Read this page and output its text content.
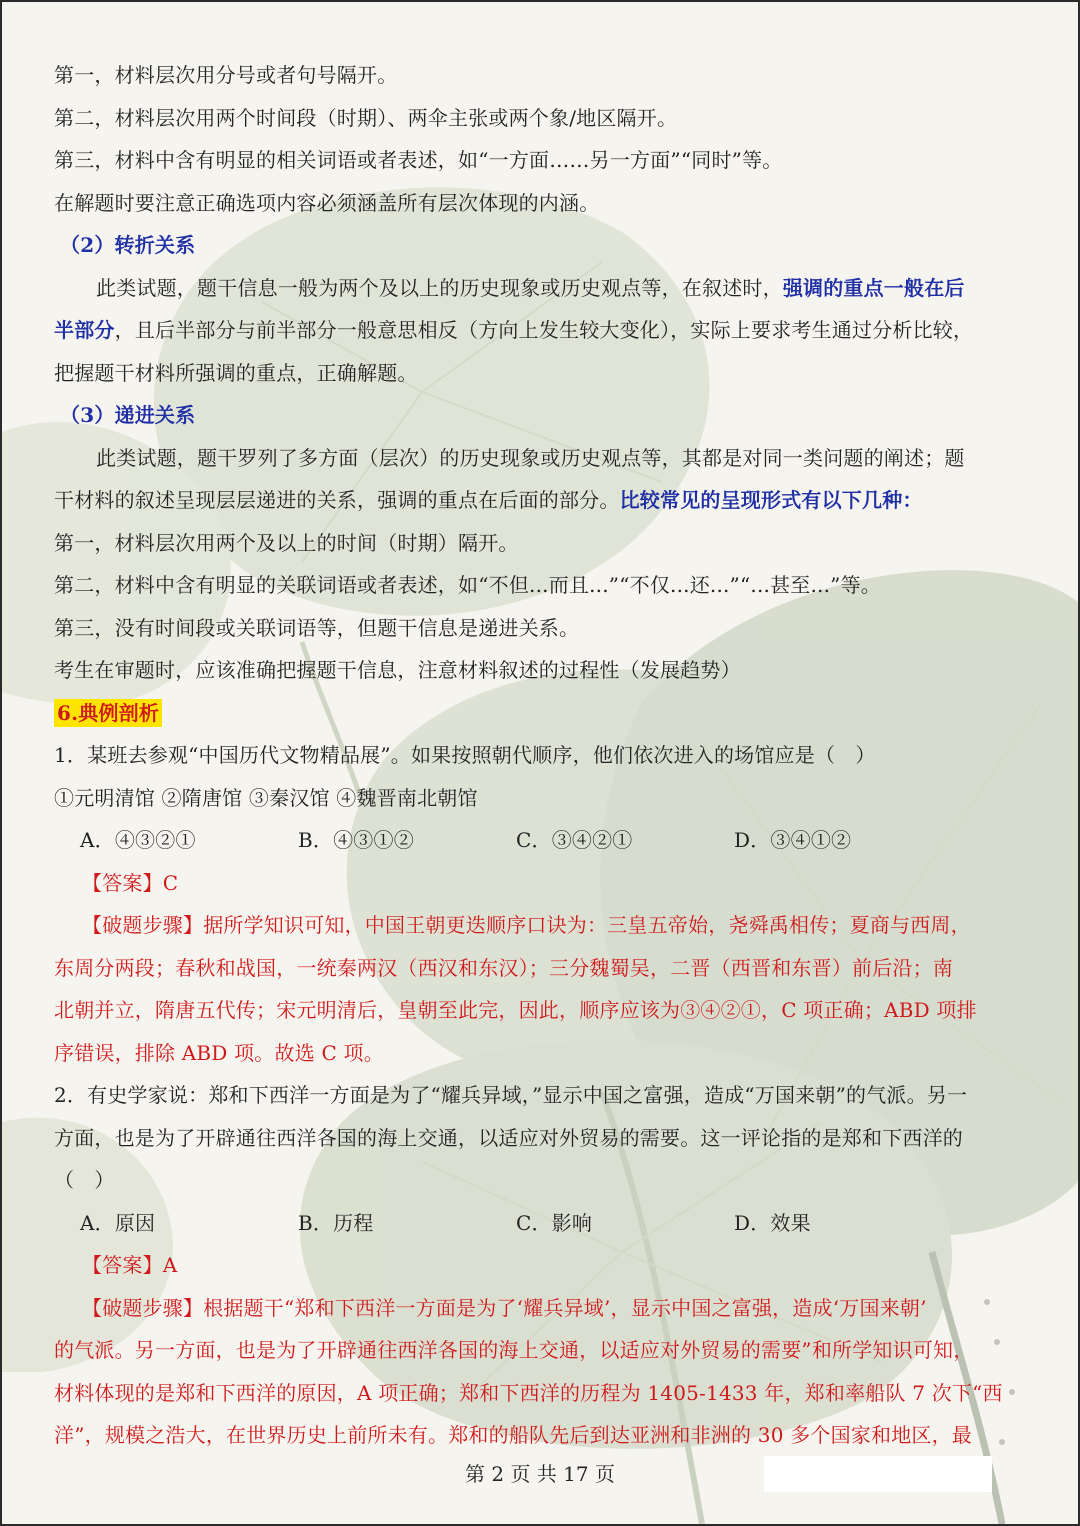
第一，材料层次用分号或者句号隔开。
第二，材料层次用两个时间段（时期）、两伞主张或两个象/地区隔开。
第三，材料中含有明显的相关词语或者表述，如“一方面……另一方面”“同时”等。
在解题时要注意正确选项内容必须涵盖所有层次体现的内涵。
（2）转折关系
此类试题，题干信息一般为两个及以上的历史现象或历史观点等，在叙述时，强调的重点一般在后
半部分，且后半部分与前半部分一般意思相反（方向上发生较大变化），实际上要求考生通过分析比较，
把握题干材料所强调的重点，正确解题。
（3）递进关系
此类试题，题干罗列了多方面（层次）的历史现象或历史观点等，其都是对同一类问题的阐述；题
干材料的叙述呈现层层递进的关系，强调的重点在后面的部分。比较常见的呈现形式有以下几种：
第一，材料层次用两个及以上的时间（时期）隔开。
第二，材料中含有明显的关联词语或者表述，如“不但...而且...”“不仅...还...”“...甚至...”等。
第三，没有时间段或关联词语等，但题干信息是递进关系。
考生在审题时，应该准确把握题干信息，注意材料叙述的过程性（发展趋势）
6.典例剖析
1．某班去参观“中国历代文物精品展”。如果按照朝代顺序，他们依次进入的场馆应是（　）
①元明清馆 ②隋唐馆 ③秦汉馆 ④魏晋南北朝馆
A．④③②①	B．④③①②	C．③④②①	D．③④①②
【答案】C
【破题步骤】据所学知识可知，中国王朝更迭顺序口诀为：三皇五帝始，尧舜禹相传；夏商与西周，
东周分两段；春秋和战国，一统秦两汉（西汉和东汉）；三分魏蜀吴，二晋（西晋和东晋）前后沿；南
北朝并立，隋唐五代传；宋元明清后，皇朝至此完，因此，顺序应该为③④②①，C 项正确；ABD 项排
序错误，排除 ABD 项。故选 C 项。
2．有史学家说：郑和下西洋一方面是为了“耀兵异域，”显示中国之富强，造成“万国来朝”的气派。另一
方面，也是为了开辟通往西洋各国的海上交通，以适应对外贸易的需要。这一评论指的是郑和下西洋的
（　）
A．原因	B．历程	C．影响	D．效果
【答案】A
【破题步骤】根据题干“郑和下西洋一方面是为了‘耀兵异域’，显示中国之富强，造成‘万国来朝’
的气派。另一方面，也是为了开辟通往西洋各国的海上交通，以适应对外贸易的需要”和所学知识可知，
材料体现的是郑和下西洋的原因，A 项正确；郑和下西洋的历程为 1405-1433 年，郑和率船队 7 次下“西
洋”，规模之浩大，在世界历史上前所未有。郑和的船队先后到达亚洲和非洲的 30 多个国家和地区，最
第 2 页 共 17 页
